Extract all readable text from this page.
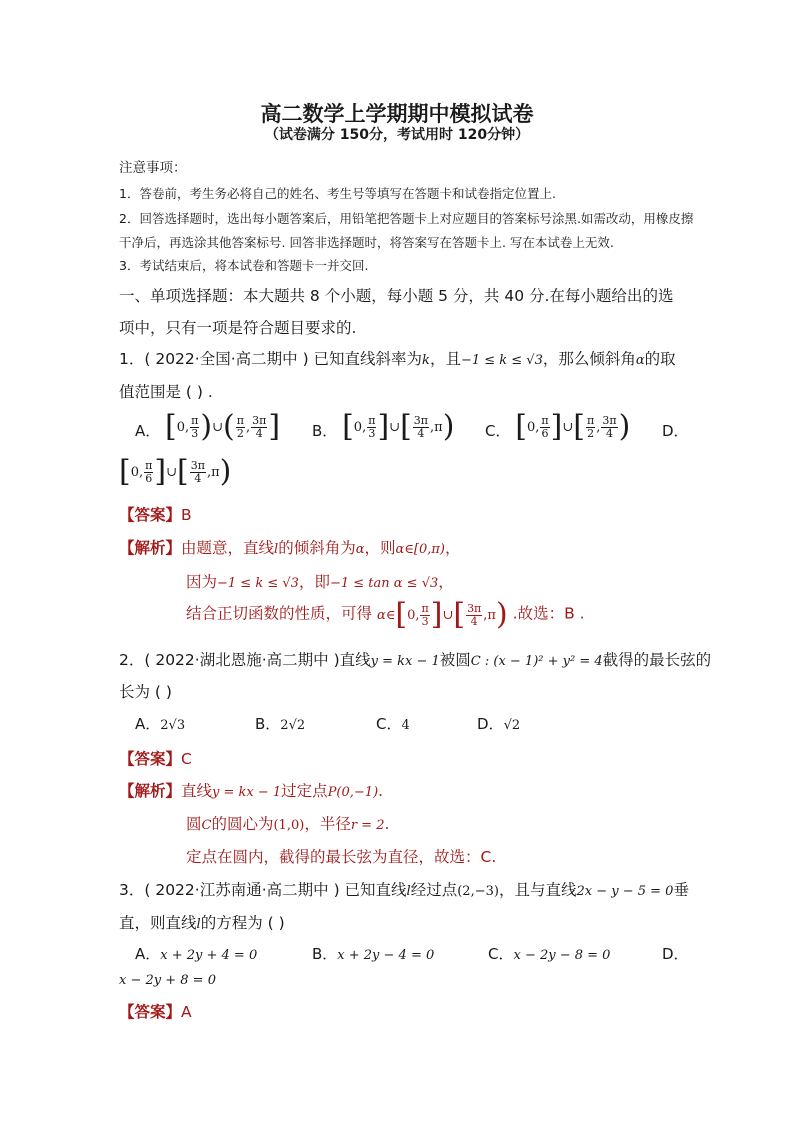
高二数学上学期期中模拟试卷
（试卷满分 150分，考试用时 120分钟）
注意事项：
1．答卷前，考生务必将自己的姓名、考生号等填写在答题卡和试卷指定位置上.
2．回答选择题时，选出每小题答案后，用铅笔把答题卡上对应题目的答案标号涂黑.如需改动，用橡皮擦
干净后，再选涂其他答案标号. 回答非选择题时，将答案写在答题卡上. 写在本试卷上无效.
3．考试结束后，将本试卷和答题卡一并交回.
一、单项选择题：本大题共 8 个小题，每小题 5 分，共 40 分.在每小题给出的选
项中，只有一项是符合题目要求的.
1．( 2022·全国·高二期中 ) 已知直线斜率为k，且−1 ≤ k ≤ √3，那么倾斜角α的取
值范围是 ( ) .
A． [ 0, $\frac{\pi}{3}$ ) ∪ ( $\frac{\pi}{2}$ , $\frac{3\pi}{4}$ ] B． [ 0, $\frac{\pi}{3}$ ] ∪ [ $\frac{3\pi}{4} ,\pi$ ) C． [ 0, $\frac{\pi}{6}$ ] ∪ [ $\frac{\pi}{2}$ , $\frac{3\pi}{4}$ ) D．
[ 0, $\frac{\pi}{6}$ ] ∪ [ $\frac{3\pi}{4} ,\pi$ )
【答案】B
【解析】由题意，直线l的倾斜角为α，则α∈[0,π)，
因为−1 ≤ k ≤ √3，即−1 ≤ tan α ≤ √3，
结合正切函数的性质，可得 α ∈ [ 0, $\frac{\pi}{3}$ ] ∪ [ $\frac{3\pi}{4} ,\pi$ ) .故选：B .
2．( 2022·湖北恩施·高二期中 )直线y = kx − 1被圆C : (x − 1)² + y² = 4截得的最长弦的
长为 ( )
A．2√3	B．2√2	C．4	D．√2
【答案】C
【解析】直线y = kx − 1过定点P(0,−1).
圆C的圆心为(1,0)，半径r = 2.
定点在圆内，截得的最长弦为直径，故选：C.
3．( 2022·江苏南通·高二期中 ) 已知直线l经过点(2,−3)，且与直线2x − y − 5 = 0垂
直，则直线l的方程为 ( )
A．x + 2y + 4 = 0	B．x + 2y − 4 = 0	C．x − 2y − 8 = 0	D．
x − 2y + 8 = 0
【答案】A
